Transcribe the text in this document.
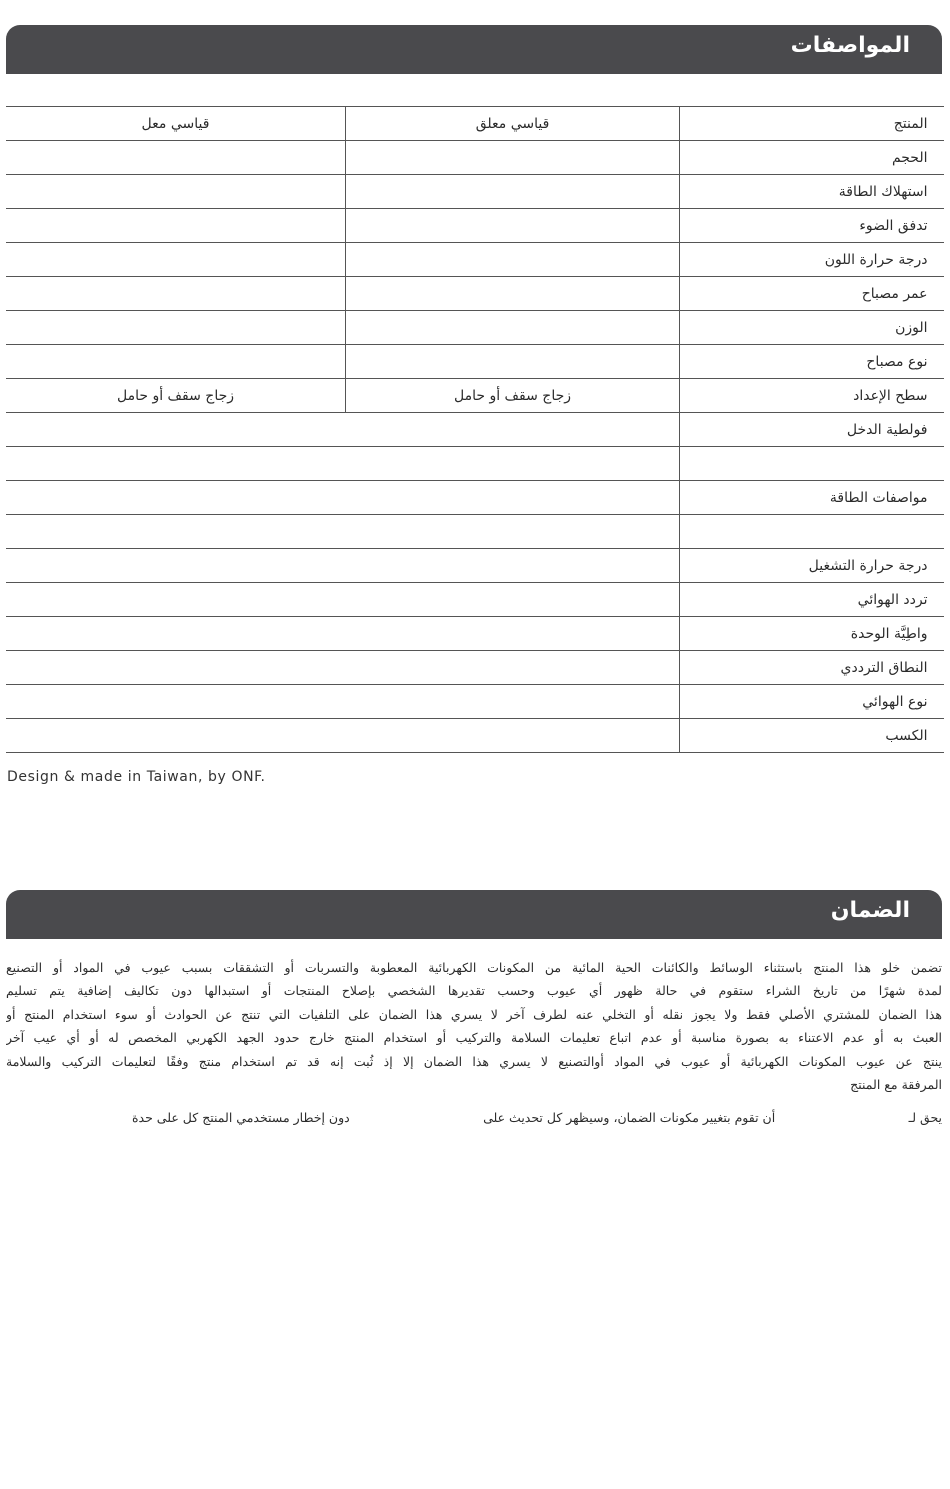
المواصفات
قياسي معل	قياسي معلق	المنتج
		الحجم
		استهلاك الطاقة
		تدفق الضوء
		درجة حرارة اللون
		عمر مصباح
		الوزن
		نوع مصباح
زجاج سقف أو حامل	زجاج سقف أو حامل	سطح الإعداد
		فولطية الدخل

		مواصفات الطاقة

		درجة حرارة التشغيل
		تردد الهوائي
		واطِيَّة الوحدة
		النطاق الترددي
		نوع الهوائي
		الكسب
Design & made in Taiwan, by ONF.
الضمان
تضمن خلو هذا المنتج باستثناء الوسائط والكائنات الحية المائية من المكونات الكهربائية المعطوبة والتسربات أو التشققات بسبب عيوب في المواد أو التصنيع
لمدة شهرًا من تاريخ الشراء ستقوم في حالة ظهور أي عيوب وحسب تقديرها الشخصي بإصلاح المنتجات أو استبدالها دون تكاليف إضافية يتم تسليم
هذا الضمان للمشتري الأصلي فقط ولا يجوز نقله أو التخلي عنه لطرف آخر لا يسري هذا الضمان على التلفيات التي تنتج عن الحوادث أو سوء استخدام المنتج أو
العبث به أو عدم الاعتناء به بصورة مناسبة أو عدم اتباع تعليمات السلامة والتركيب أو استخدام المنتج خارج حدود الجهد الكهربي المخصص له أو أي عيب آخر
ينتج عن عيوب المكونات الكهربائية أو عيوب في المواد أوالتصنيع لا يسري هذا الضمان إلا إذ ثُبت إنه قد تم استخدام منتج وفقًا لتعليمات التركيب والسلامة
المرفقة مع المنتج
يحق لـ
أن تقوم بتغيير مكونات الضمان، وسيظهر كل تحديث على
دون إخطار مستخدمي المنتج كل على حدة
